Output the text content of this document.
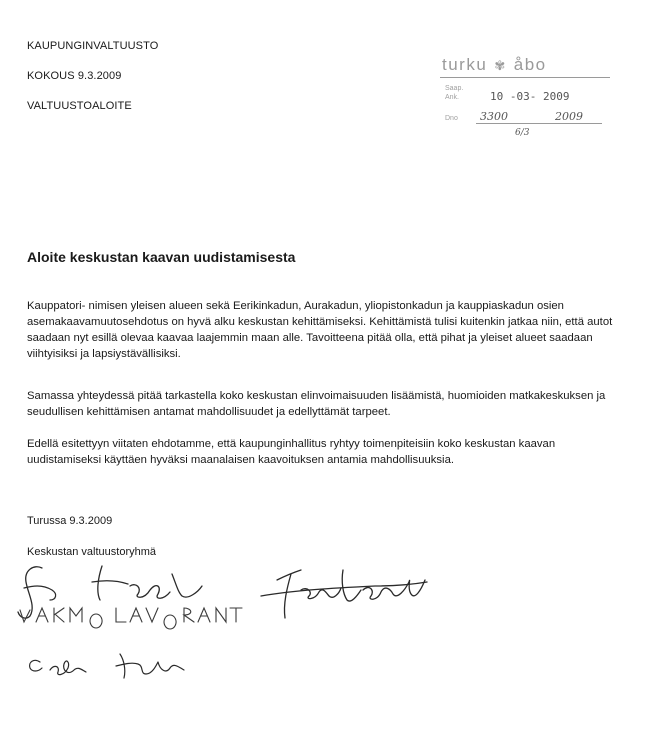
KAUPUNGINVALTUUSTO
KOKOUS 9.3.2009
VALTUUSTOALOITE
turku ✾ åbo
Saap.
Ank.	10 -03- 2009
Dno 3300	2009
6/3
Aloite keskustan kaavan uudistamisesta
Kauppatori- nimisen yleisen alueen sekä Eerikinkadun, Aurakadun, yliopistonkadun ja kauppiaskadun osien asemakaavamuutosehdotus on hyvä alku keskustan kehittämiseksi. Kehittämistä tulisi kuitenkin jatkaa niin, että autot saadaan nyt esillä olevaa kaavaa laajemmin maan alle. Tavoitteena pitää olla, että pihat ja yleiset alueet saadaan viihtyisiksi ja lapsiystävällisiksi.
Samassa yhteydessä pitää tarkastella koko keskustan elinvoimaisuuden lisäämistä, huomioiden matkakeskuksen ja seudullisen kehittämisen antamat mahdollisuudet ja edellyttämät tarpeet.
Edellä esitettyyn viitaten ehdotamme, että kaupunginhallitus ryhtyy toimenpiteisiin koko keskustan kaavan uudistamiseksi käyttäen hyväksi maanalaisen kaavoituksen antamia mahdollisuuksia.
Turussa 9.3.2009
Keskustan valtuustoryhmä
